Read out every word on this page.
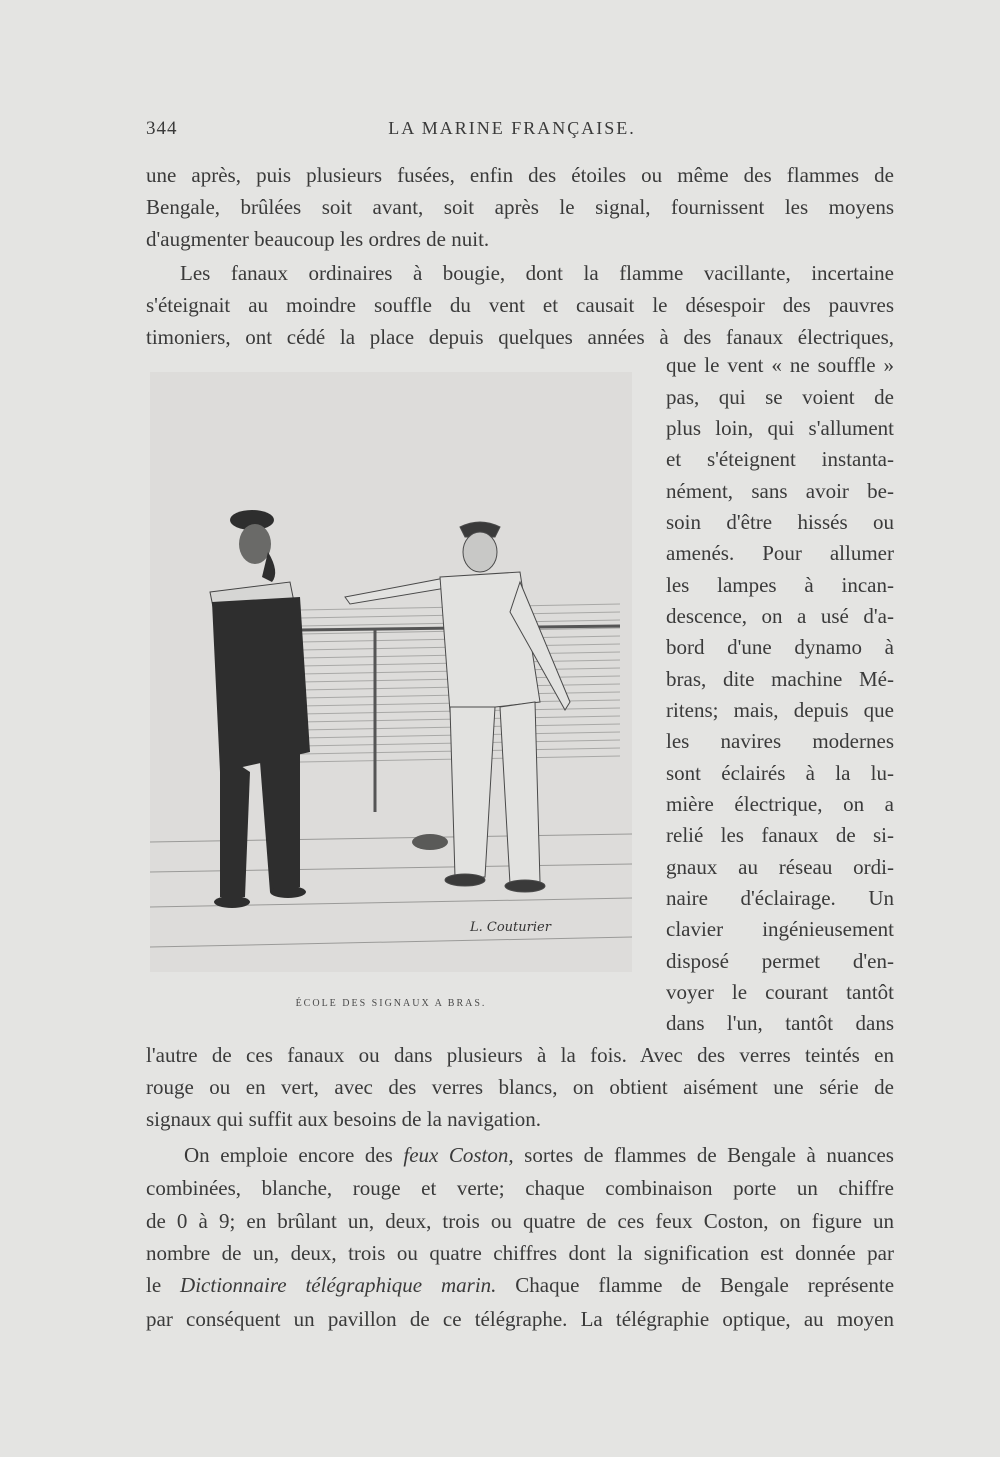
344	LA MARINE FRANÇAISE.
une après, puis plusieurs fusées, enfin des étoiles ou même des flammes de
Bengale, brûlées soit avant, soit après le signal, fournissent les moyens
d'augmenter beaucoup les ordres de nuit.
Les fanaux ordinaires à bougie, dont la flamme vacillante, incertaine
s'éteignait au moindre souffle du vent et causait le désespoir des pauvres
timoniers, ont cédé la place depuis quelques années à des fanaux électriques,
que le vent « ne souffle »
pas, qui se voient de
plus loin, qui s'allument
et s'éteignent instanta-
nément, sans avoir be-
soin d'être hissés ou
amenés. Pour allumer
les lampes à incan-
descence, on a usé d'a-
bord d'une dynamo à
bras, dite machine Mé-
ritens; mais, depuis que
les navires modernes
sont éclairés à la lu-
mière électrique, on a
relié les fanaux de si-
gnaux au réseau ordi-
naire d'éclairage. Un
clavier ingénieusement
disposé permet d'en-
voyer le courant tantôt
dans l'un, tantôt dans
L. Couturier
ÉCOLE DES SIGNAUX A BRAS.
l'autre de ces fanaux ou dans plusieurs à la fois. Avec des verres teintés en
rouge ou en vert, avec des verres blancs, on obtient aisément une série de
signaux qui suffit aux besoins de la navigation.
On emploie encore des feux Coston, sortes de flammes de Bengale à nuances
combinées, blanche, rouge et verte; chaque combinaison porte un chiffre
de 0 à 9; en brûlant un, deux, trois ou quatre de ces feux Coston, on figure un
nombre de un, deux, trois ou quatre chiffres dont la signification est donnée par
le Dictionnaire télégraphique marin. Chaque flamme de Bengale représente
par conséquent un pavillon de ce télégraphe. La télégraphie optique, au moyen
